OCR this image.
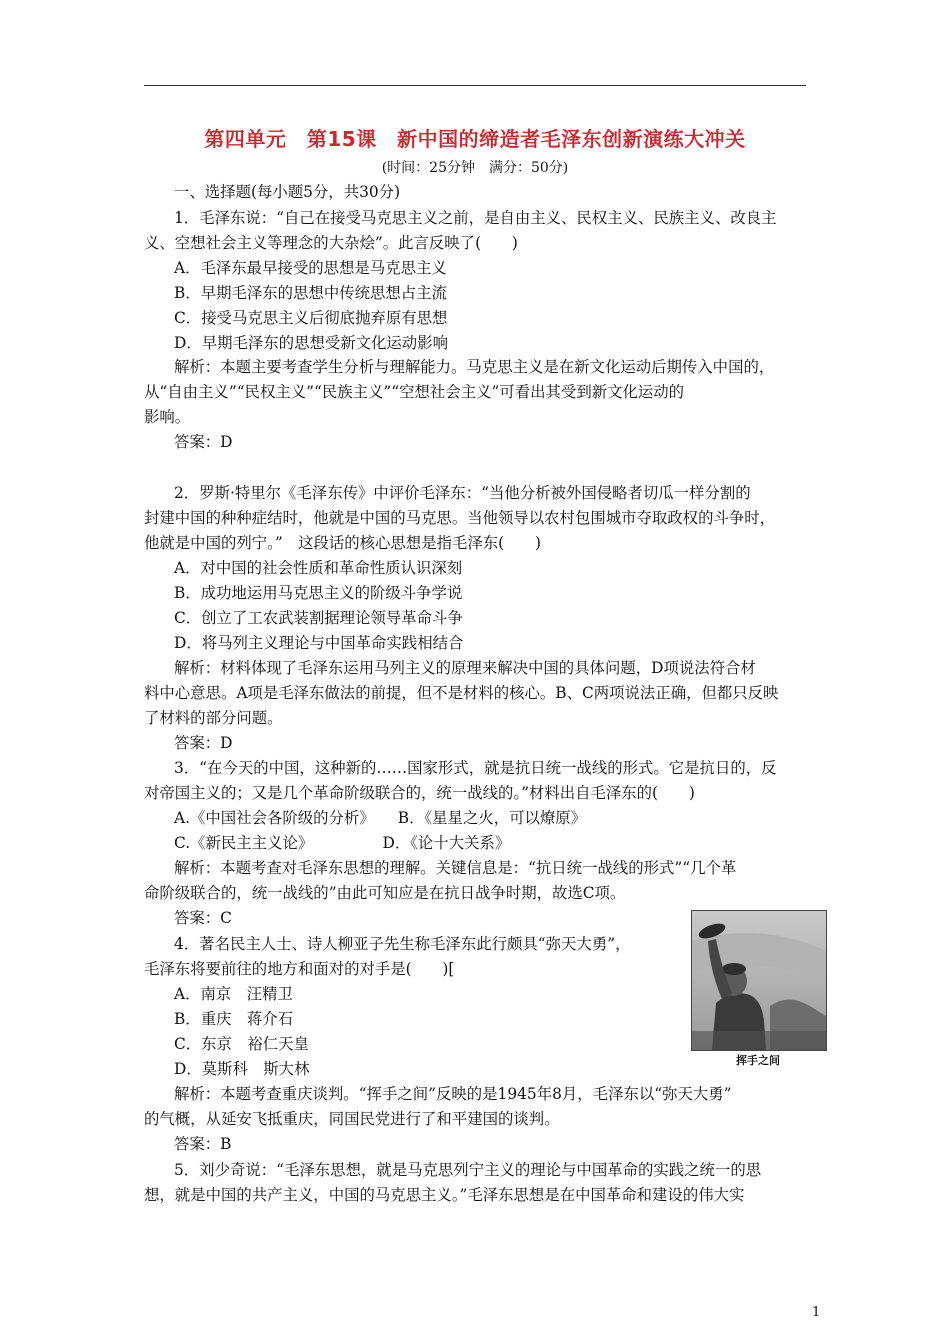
第四单元　第15课　新中国的缔造者毛泽东创新演练大冲关
(时间：25分钟　满分：50分)
一、选择题(每小题5分，共30分)
1．毛泽东说：“自己在接受马克思主义之前，是自由主义、民权主义、民族主义、改良主
义、空想社会主义等理念的大杂烩”。此言反映了(　　)
A．毛泽东最早接受的思想是马克思主义
B．早期毛泽东的思想中传统思想占主流
C．接受马克思主义后彻底抛弃原有思想
D．早期毛泽东的思想受新文化运动影响
解析：本题主要考查学生分析与理解能力。马克思主义是在新文化运动后期传入中国的，
从“自由主义”“民权主义”“民族主义”“空想社会主义”可看出其受到新文化运动的
影响。
答案：D
2．罗斯·特里尔《毛泽东传》中评价毛泽东：“当他分析被外国侵略者切瓜一样分割的
封建中国的种种症结时，他就是中国的马克思。当他领导以农村包围城市夺取政权的斗争时，
他就是中国的列宁。”　这段话的核心思想是指毛泽东(　　)
A．对中国的社会性质和革命性质认识深刻
B．成功地运用马克思主义的阶级斗争学说
C．创立了工农武装割据理论领导革命斗争
D．将马列主义理论与中国革命实践相结合
解析：材料体现了毛泽东运用马列主义的原理来解决中国的具体问题，D项说法符合材
料中心意思。A项是毛泽东做法的前提，但不是材料的核心。B、C两项说法正确，但都只反映
了材料的部分问题。
答案：D
3．“在今天的中国，这种新的……国家形式，就是抗日统一战线的形式。它是抗日的，反
对帝国主义的；又是几个革命阶级联合的，统一战线的。”材料出自毛泽东的(　　)
A.《中国社会各阶级的分析》　　B．《星星之火，可以燎原》
C.《新民主主义论》　　　　　D．《论十大关系》
解析：本题考查对毛泽东思想的理解。关键信息是：“抗日统一战线的形式”“几个革
命阶级联合的，统一战线的”由此可知应是在抗日战争时期，故选C项。
答案：C
4．著名民主人士、诗人柳亚子先生称毛泽东此行颇具“弥天大勇”，
毛泽东将要前往的地方和面对的对手是(　　)[
A．南京　汪精卫
B．重庆　蒋介石
C．东京　裕仁天皇
D．莫斯科　斯大林	挥手之间
解析：本题考查重庆谈判。“挥手之间”反映的是1945年8月，毛泽东以“弥天大勇”
的气概，从延安飞抵重庆，同国民党进行了和平建国的谈判。
答案：B
5．刘少奇说：“毛泽东思想，就是马克思列宁主义的理论与中国革命的实践之统一的思
想，就是中国的共产主义，中国的马克思主义。”毛泽东思想是在中国革命和建设的伟大实
1
